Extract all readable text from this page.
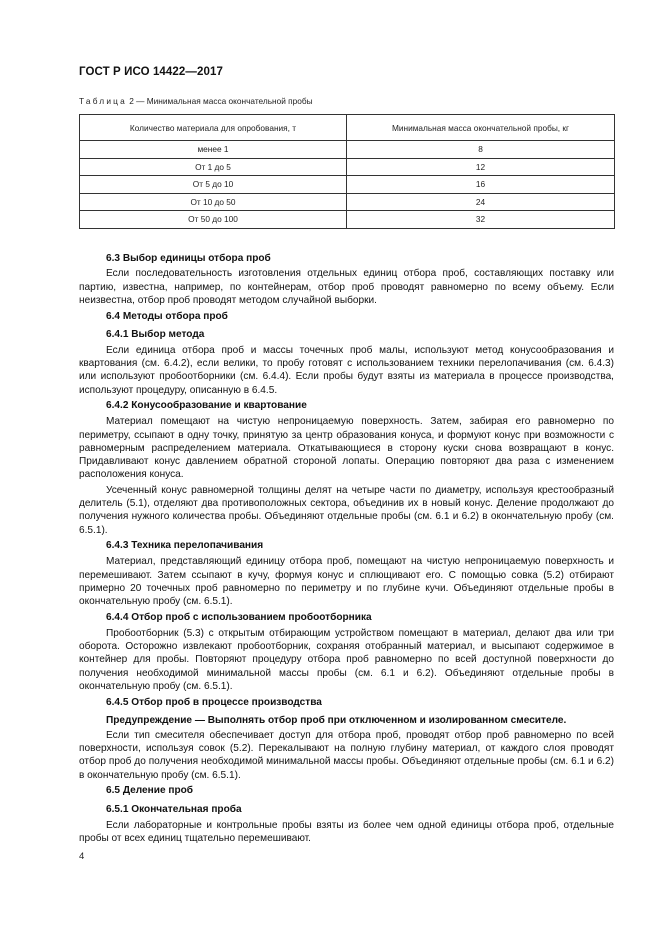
ГОСТ Р ИСО 14422—2017
Таблица 2 — Минимальная масса окончательной пробы
Количество материала для опробования, т	Минимальная масса окончательной пробы, кг
менее 1	8
От 1 до 5	12
От 5 до 10	16
От 10 до 50	24
От 50 до 100	32
6.3 Выбор единицы отбора проб

Если последовательность изготовления отдельных единиц отбора проб, составляющих поставку или партию, известна, например, по контейнерам, отбор проб проводят равномерно по всему объему. Если неизвестна, отбор проб проводят методом случайной выборки.

6.4 Методы отбора проб
6.4.1 Выбор метода

Если единица отбора проб и массы точечных проб малы, используют метод конусообразования и квартования (см. 6.4.2), если велики, то пробу готовят с использованием техники перелопачивания (см. 6.4.3) или используют пробоотборники (см. 6.4.4). Если пробы будут взяты из материала в процессе производства, используют процедуру, описанную в 6.4.5.

6.4.2 Конусообразование и квартование

Материал помещают на чистую непроницаемую поверхность. Затем, забирая его равномерно по периметру, ссыпают в одну точку, принятую за центр образования конуса, и формуют конус при возможности с равномерным распределением материала. Откатывающиеся в сторону куски снова возвращают в конус. Придавливают конус давлением обратной стороной лопаты. Операцию повторяют два раза с изменением расположения конуса.

Усеченный конус равномерной толщины делят на четыре части по диаметру, используя крестообразный делитель (5.1), отделяют два противоположных сектора, объединив их в новый конус. Деление продолжают до получения нужного количества пробы. Объединяют отдельные пробы (см. 6.1 и 6.2) в окончательную пробу (см. 6.5.1).

6.4.3 Техника перелопачивания

Материал, представляющий единицу отбора проб, помещают на чистую непроницаемую поверхность и перемешивают. Затем ссыпают в кучу, формуя конус и сплющивают его. С помощью совка (5.2) отбирают примерно 20 точечных проб равномерно по периметру и по глубине кучи. Объединяют отдельные пробы в окончательную пробу (см. 6.5.1).

6.4.4 Отбор проб с использованием пробоотборника

Пробоотборник (5.3) с открытым отбирающим устройством помещают в материал, делают два или три оборота. Осторожно извлекают пробоотборник, сохраняя отобранный материал, и высыпают содержимое в контейнер для пробы. Повторяют процедуру отбора проб равномерно по всей доступной поверхности до получения необходимой минимальной массы пробы (см. 6.1 и 6.2). Объединяют отдельные пробы в окончательную пробу (см. 6.5.1).

6.4.5 Отбор проб в процессе производства

Предупреждение — Выполнять отбор проб при отключенном и изолированном смесителе.

Если тип смесителя обеспечивает доступ для отбора проб, проводят отбор проб равномерно по всей поверхности, используя совок (5.2). Перекалывают на полную глубину материал, от каждого слоя проводят отбор проб до получения необходимой минимальной массы пробы. Объединяют отдельные пробы (см. 6.1 и 6.2) в окончательную пробу (см. 6.5.1).

6.5 Деление проб
6.5.1 Окончательная проба

Если лабораторные и контрольные пробы взяты из более чем одной единицы отбора проб, отдельные пробы от всех единиц тщательно перемешивают.

4
